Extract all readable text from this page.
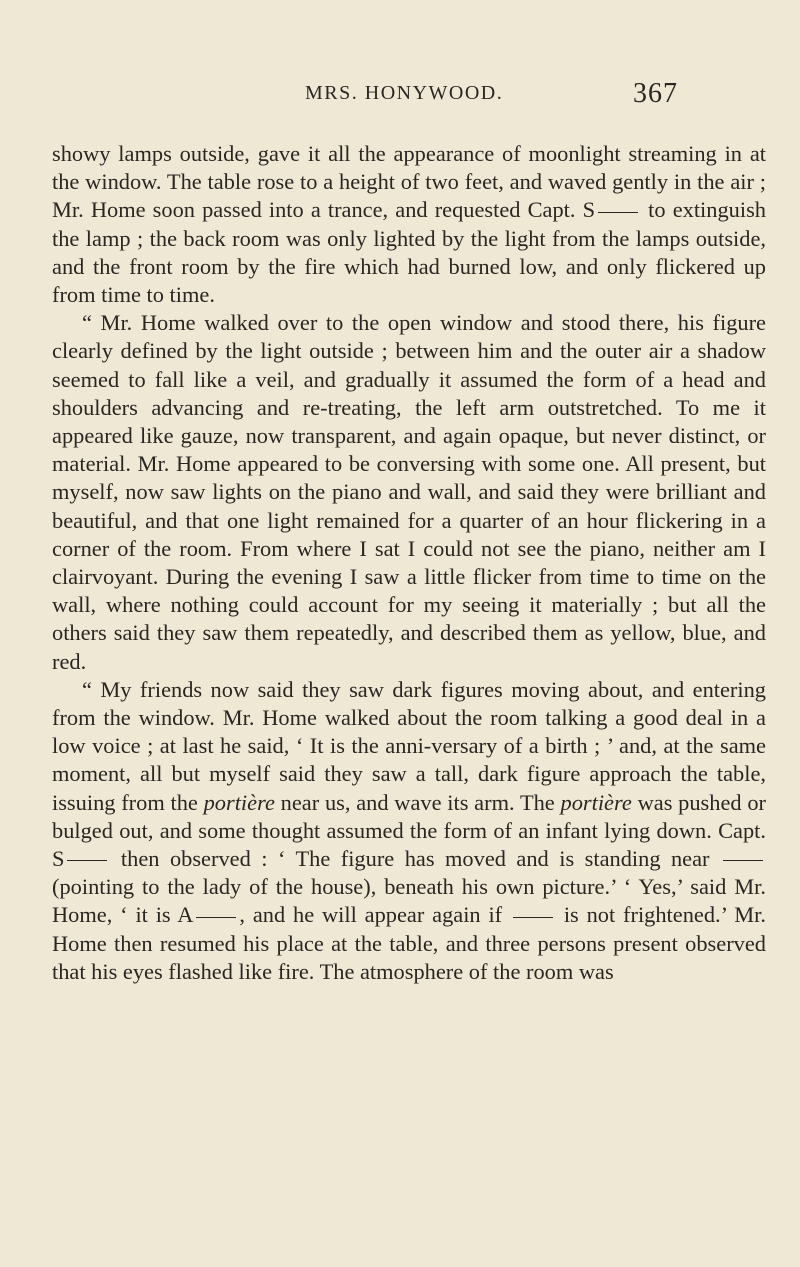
MRS. HONYWOOD.	367

showy lamps outside, gave it all the appearance of moonlight streaming in at the window. The table rose to a height of two feet, and waved gently in the air ; Mr. Home soon passed into a trance, and requested Capt. S to extinguish the lamp ; the back room was only lighted by the light from the lamps outside, and the front room by the fire which had burned low, and only flickered up from time to time.

“ Mr. Home walked over to the open window and stood there, his figure clearly defined by the light outside ; between him and the outer air a shadow seemed to fall like a veil, and gradually it assumed the form of a head and shoulders advancing and re-treating, the left arm outstretched. To me it appeared like gauze, now transparent, and again opaque, but never distinct, or material. Mr. Home appeared to be conversing with some one. All present, but myself, now saw lights on the piano and wall, and said they were brilliant and beautiful, and that one light remained for a quarter of an hour flickering in a corner of the room. From where I sat I could not see the piano, neither am I clairvoyant. During the evening I saw a little flicker from time to time on the wall, where nothing could account for my seeing it materially ; but all the others said they saw them repeatedly, and described them as yellow, blue, and red.

“ My friends now said they saw dark figures moving about, and entering from the window. Mr. Home walked about the room talking a good deal in a low voice ; at last he said, ‘ It is the anni-versary of a birth ; ’ and, at the same moment, all but myself said they saw a tall, dark figure approach the table, issuing from the portière near us, and wave its arm. The portière was pushed or bulged out, and some thought assumed the form of an infant lying down. Capt. S then observed : ‘ The figure has moved and is standing near  (pointing to the lady of the house), beneath his own picture.’ ‘ Yes,’ said Mr. Home, ‘ it is A , and he will appear again if  is not frightened.’ Mr. Home then resumed his place at the table, and three persons present observed that his eyes flashed like fire. The atmosphere of the room was
